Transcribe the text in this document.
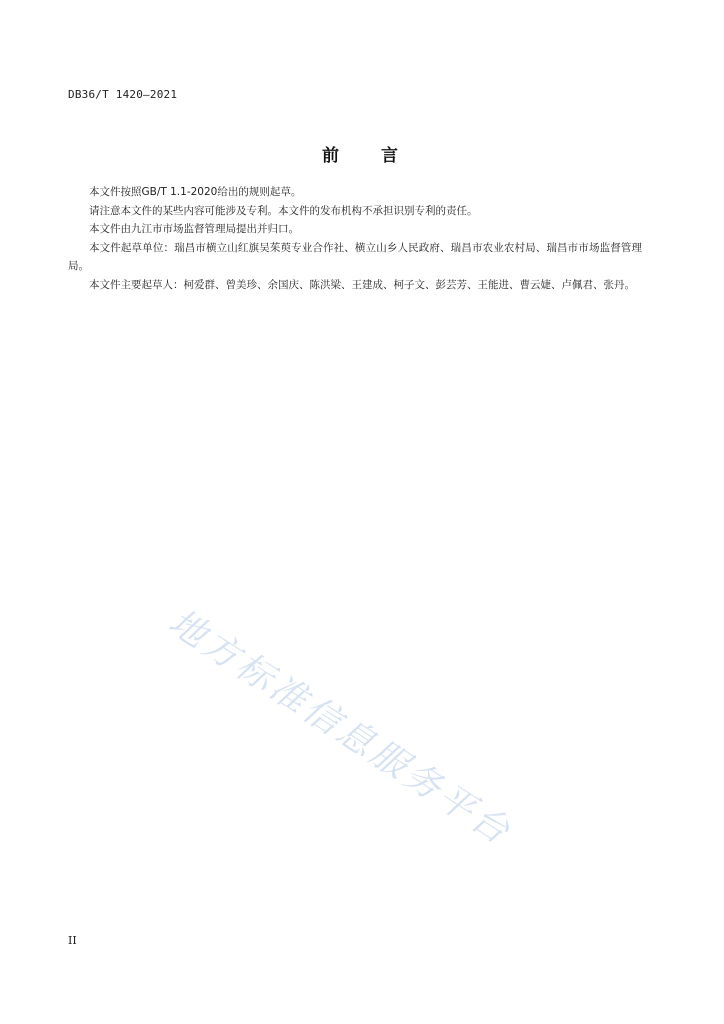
DB36/T 1420—2021
前 言

本文件按照GB/T 1.1-2020给出的规则起草。

请注意本文件的某些内容可能涉及专利。本文件的发布机构不承担识别专利的责任。

本文件由九江市市场监督管理局提出并归口。

本文件起草单位：瑞昌市横立山红旗吴茱萸专业合作社、横立山乡人民政府、瑞昌市农业农村局、瑞昌市市场监督管理局。

本文件主要起草人：柯爱群、曾美珍、余国庆、陈洪梁、王建成、柯子文、彭芸芳、王能进、曹云婕、卢佩君、张丹。

地方标准信息服务平台
II
